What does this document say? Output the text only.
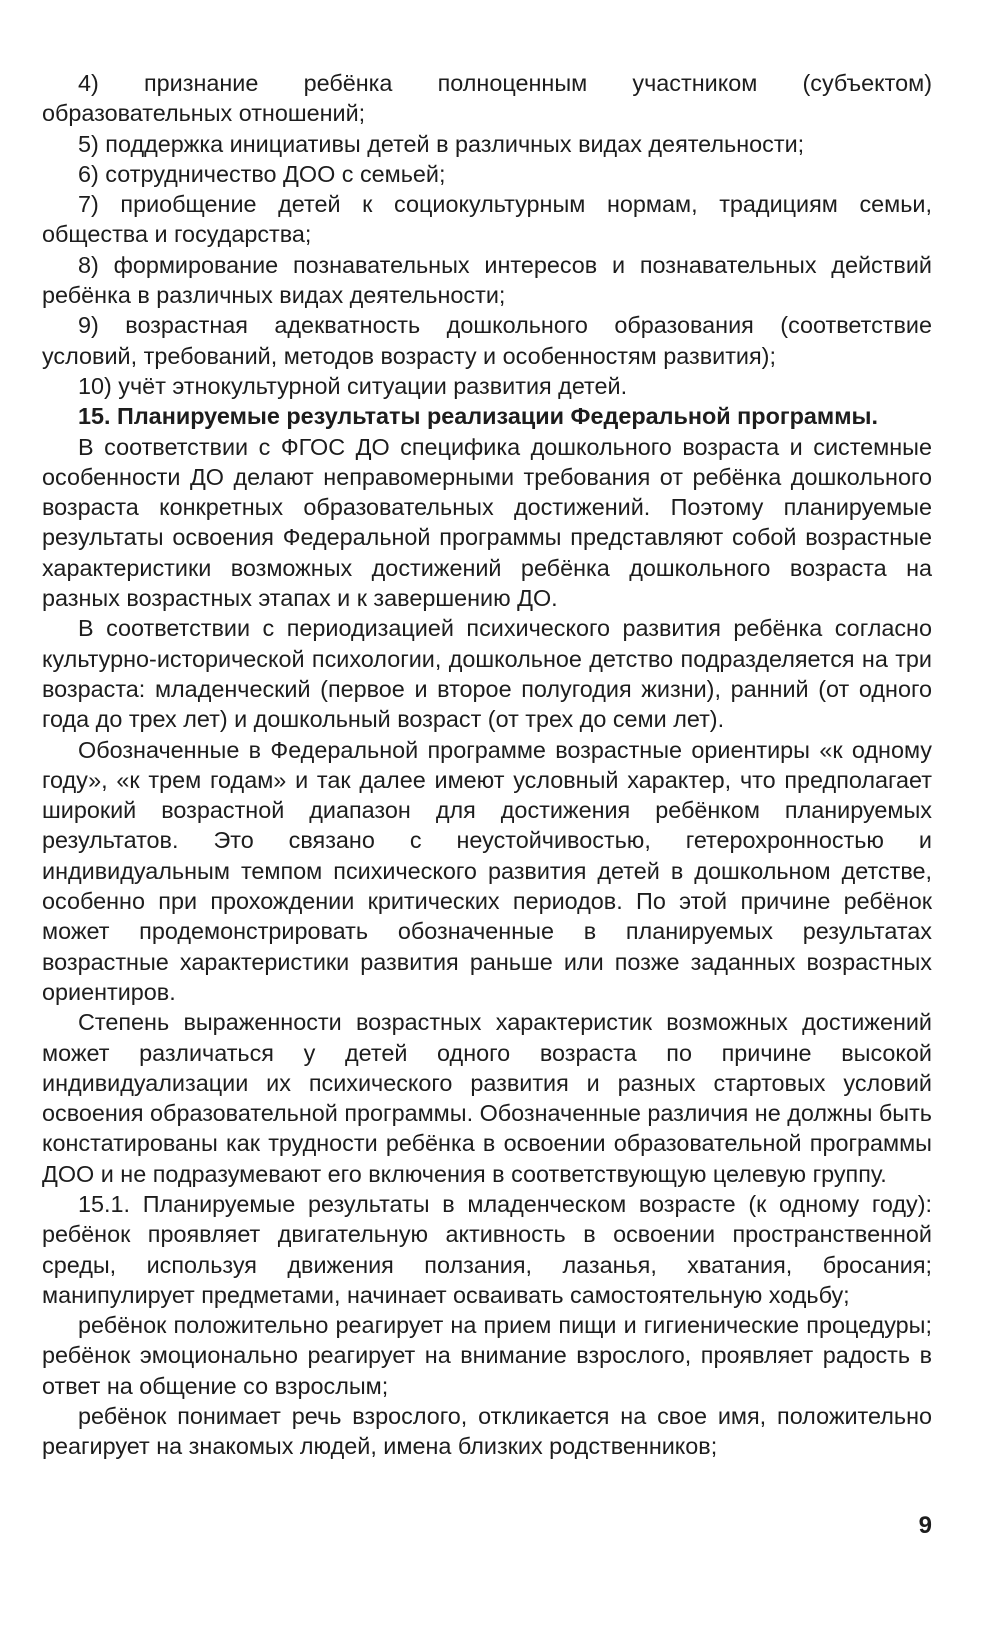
4) признание ребёнка полноценным участником (субъектом) образовательных отношений;

5) поддержка инициативы детей в различных видах деятельности;

6) сотрудничество ДОО с семьей;

7) приобщение детей к социокультурным нормам, традициям семьи, общества и государства;

8) формирование познавательных интересов и познавательных действий ребёнка в различных видах деятельности;

9) возрастная адекватность дошкольного образования (соответствие условий, требований, методов возрасту и особенностям развития);

10) учёт этнокультурной ситуации развития детей.

15. Планируемые результаты реализации Федеральной программы.

В соответствии с ФГОС ДО специфика дошкольного возраста и системные особенности ДО делают неправомерными требования от ребёнка дошкольного возраста конкретных образовательных достижений. Поэтому планируемые результаты освоения Федеральной программы представляют собой возрастные характеристики возможных достижений ребёнка дошкольного возраста на разных возрастных этапах и к завершению ДО.

В соответствии с периодизацией психического развития ребёнка согласно культурно-исторической психологии, дошкольное детство подразделяется на три возраста: младенческий (первое и второе полугодия жизни), ранний (от одного года до трех лет) и дошкольный возраст (от трех до семи лет).

Обозначенные в Федеральной программе возрастные ориентиры «к одному году», «к трем годам» и так далее имеют условный характер, что предполагает широкий возрастной диапазон для достижения ребёнком планируемых результатов. Это связано с неустойчивостью, гетерохронностью и индивидуальным темпом психического развития детей в дошкольном детстве, особенно при прохождении критических периодов. По этой причине ребёнок может продемонстрировать обозначенные в планируемых результатах возрастные характеристики развития раньше или позже заданных возрастных ориентиров.

Степень выраженности возрастных характеристик возможных достижений может различаться у детей одного возраста по причине высокой индивидуализации их психического развития и разных стартовых условий освоения образовательной программы. Обозначенные различия не должны быть констатированы как трудности ребёнка в освоении образовательной программы ДОО и не подразумевают его включения в соответствующую целевую группу.

15.1. Планируемые результаты в младенческом возрасте (к одному году): ребёнок проявляет двигательную активность в освоении пространственной среды, используя движения ползания, лазанья, хватания, бросания; манипулирует предметами, начинает осваивать самостоятельную ходьбу;

ребёнок положительно реагирует на прием пищи и гигиенические процедуры; ребёнок эмоционально реагирует на внимание взрослого, проявляет радость в ответ на общение со взрослым;

ребёнок понимает речь взрослого, откликается на свое имя, положительно реагирует на знакомых людей, имена близких родственников;

9
